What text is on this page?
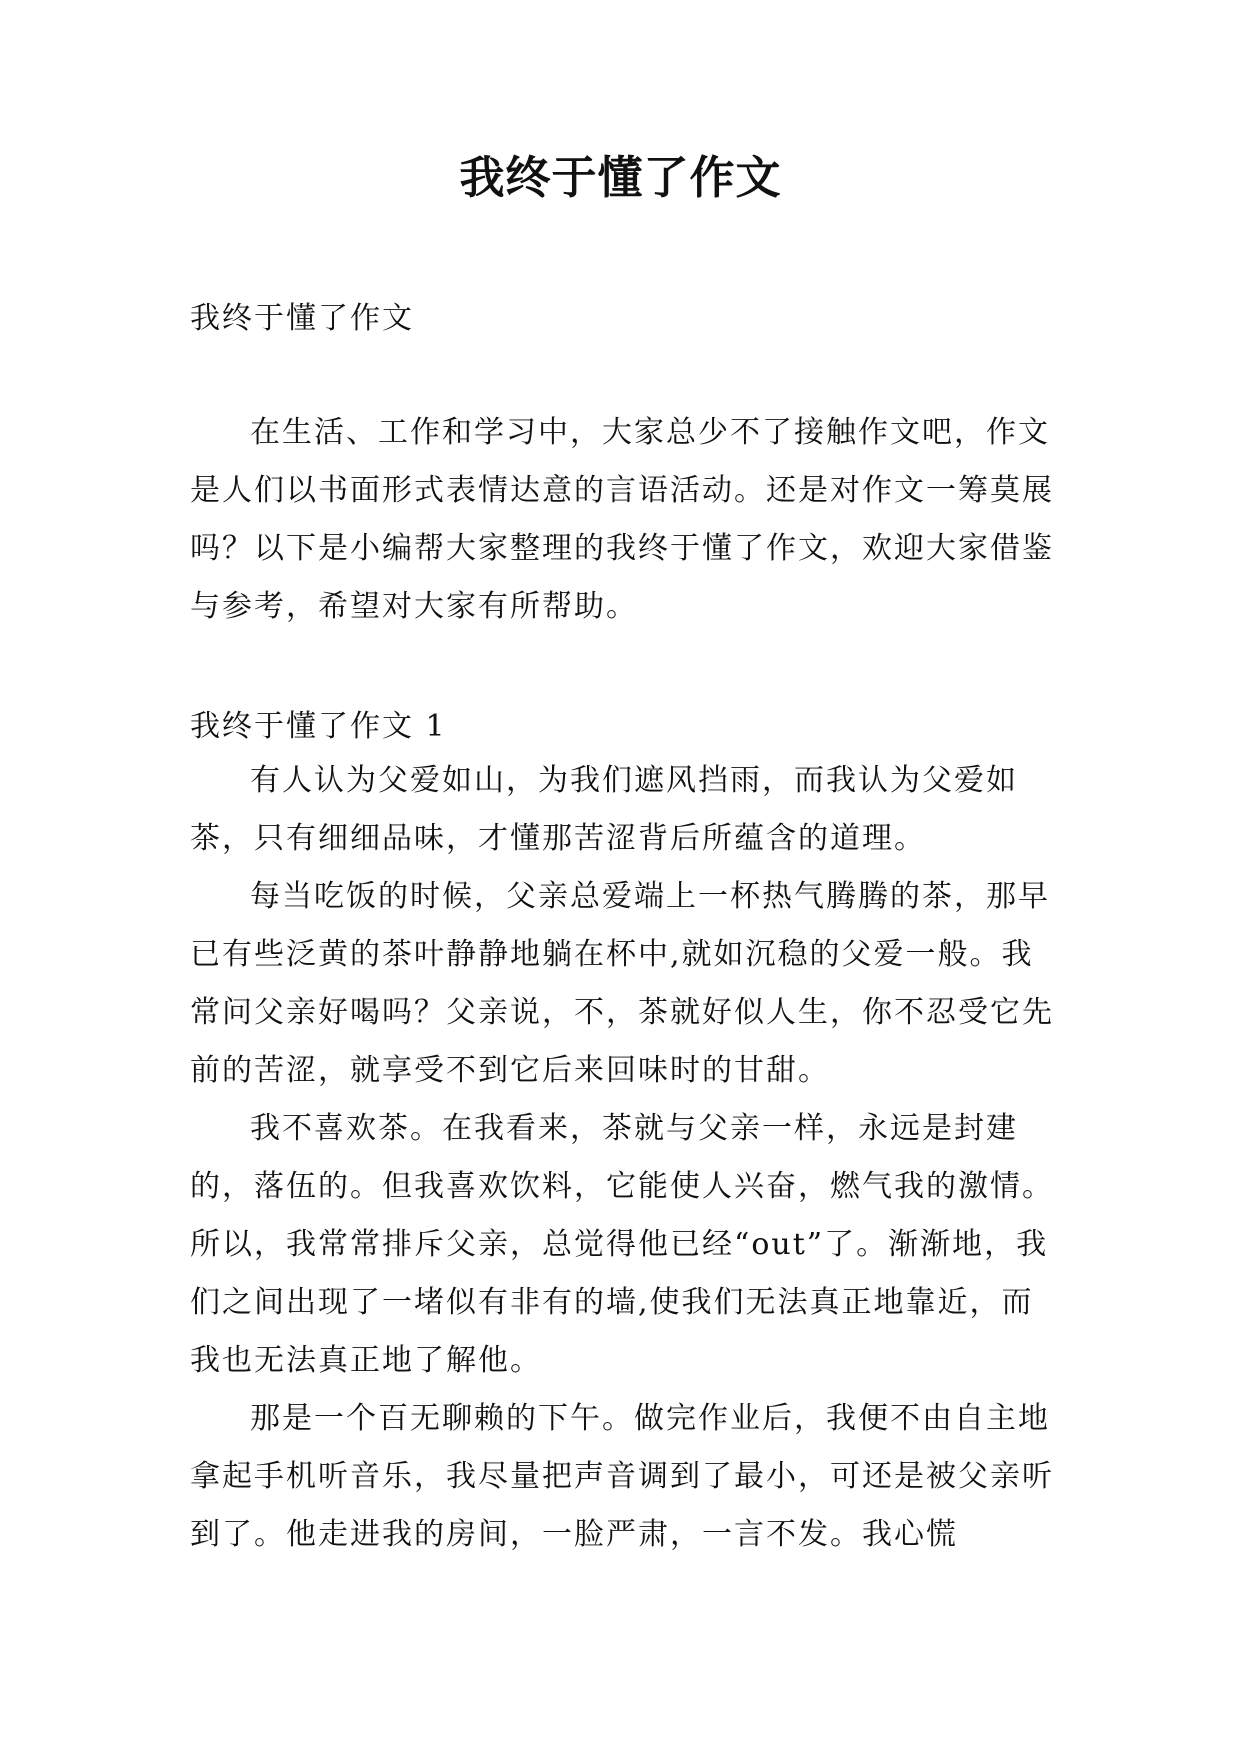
我终于懂了作文
我终于懂了作文

在生活、工作和学习中，大家总少不了接触作文吧，作文是人们以书面形式表情达意的言语活动。还是对作文一筹莫展吗？以下是小编帮大家整理的我终于懂了作文，欢迎大家借鉴与参考，希望对大家有所帮助。

我终于懂了作文 1

有人认为父爱如山，为我们遮风挡雨，而我认为父爱如茶，只有细细品味，才懂那苦涩背后所蕴含的道理。

每当吃饭的时候，父亲总爱端上一杯热气腾腾的茶，那早已有些泛黄的茶叶静静地躺在杯中,就如沉稳的父爱一般。我常问父亲好喝吗？父亲说，不，茶就好似人生，你不忍受它先前的苦涩，就享受不到它后来回味时的甘甜。

我不喜欢茶。在我看来，茶就与父亲一样，永远是封建的，落伍的。但我喜欢饮料，它能使人兴奋，燃气我的激情。所以，我常常排斥父亲，总觉得他已经“out”了。渐渐地，我们之间出现了一堵似有非有的墙,使我们无法真正地靠近，而我也无法真正地了解他。

那是一个百无聊赖的下午。做完作业后，我便不由自主地拿起手机听音乐，我尽量把声音调到了最小，可还是被父亲听到了。他走进我的房间，一脸严肃，一言不发。我心慌
